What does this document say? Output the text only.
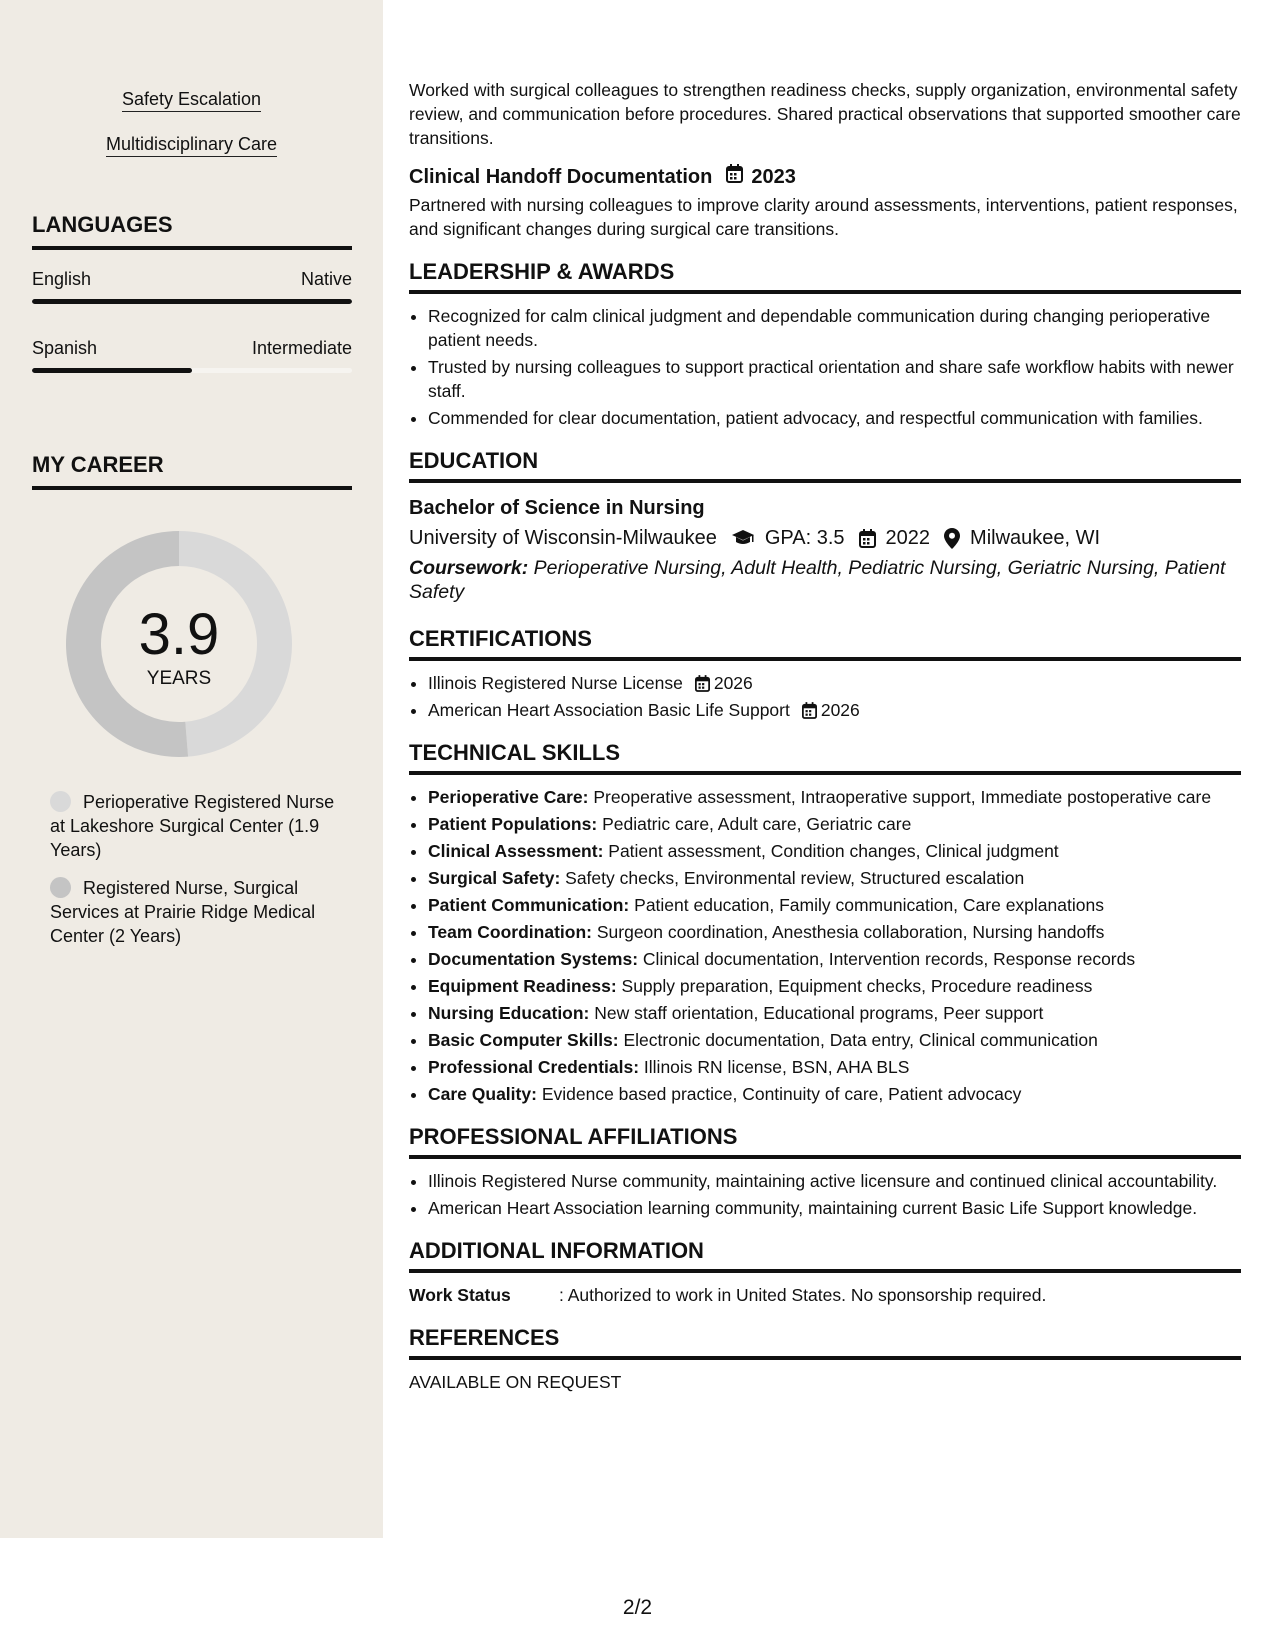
Safety Escalation
Multidisciplinary Care
LANGUAGES
English	Native
Spanish	Intermediate
MY CAREER
3.9
YEARS
Perioperative Registered Nurse at Lakeshore Surgical Center (1.9 Years)
Registered Nurse, Surgical Services at Prairie Ridge Medical Center (2 Years)

Worked with surgical colleagues to strengthen readiness checks, supply organization, environmental safety review, and communication before procedures. Shared practical observations that supported smoother care transitions.

Clinical Handoff Documentation 2023

Partnered with nursing colleagues to improve clarity around assessments, interventions, patient responses, and significant changes during surgical care transitions.

LEADERSHIP & AWARDS
• Recognized for calm clinical judgment and dependable communication during changing perioperative patient needs.
• Trusted by nursing colleagues to support practical orientation and share safe workflow habits with newer staff.
• Commended for clear documentation, patient advocacy, and respectful communication with families.
EDUCATION
Bachelor of Science in Nursing
University of Wisconsin-Milwaukee GPA: 3.5 2022 Milwaukee, WI

Coursework: Perioperative Nursing, Adult Health, Pediatric Nursing, Geriatric Nursing, Patient Safety

CERTIFICATIONS
• Illinois Registered Nurse License 2026
• American Heart Association Basic Life Support 2026
TECHNICAL SKILLS
• Perioperative Care: Preoperative assessment, Intraoperative support, Immediate postoperative care
• Patient Populations: Pediatric care, Adult care, Geriatric care
• Clinical Assessment: Patient assessment, Condition changes, Clinical judgment
• Surgical Safety: Safety checks, Environmental review, Structured escalation
• Patient Communication: Patient education, Family communication, Care explanations
• Team Coordination: Surgeon coordination, Anesthesia collaboration, Nursing handoffs
• Documentation Systems: Clinical documentation, Intervention records, Response records
• Equipment Readiness: Supply preparation, Equipment checks, Procedure readiness
• Nursing Education: New staff orientation, Educational programs, Peer support
• Basic Computer Skills: Electronic documentation, Data entry, Clinical communication
• Professional Credentials: Illinois RN license, BSN, AHA BLS
• Care Quality: Evidence based practice, Continuity of care, Patient advocacy
PROFESSIONAL AFFILIATIONS
• Illinois Registered Nurse community, maintaining active licensure and continued clinical accountability.
• American Heart Association learning community, maintaining current Basic Life Support knowledge.
ADDITIONAL INFORMATION
Work Status	: Authorized to work in United States. No sponsorship required.
REFERENCES
AVAILABLE ON REQUEST
2/2
